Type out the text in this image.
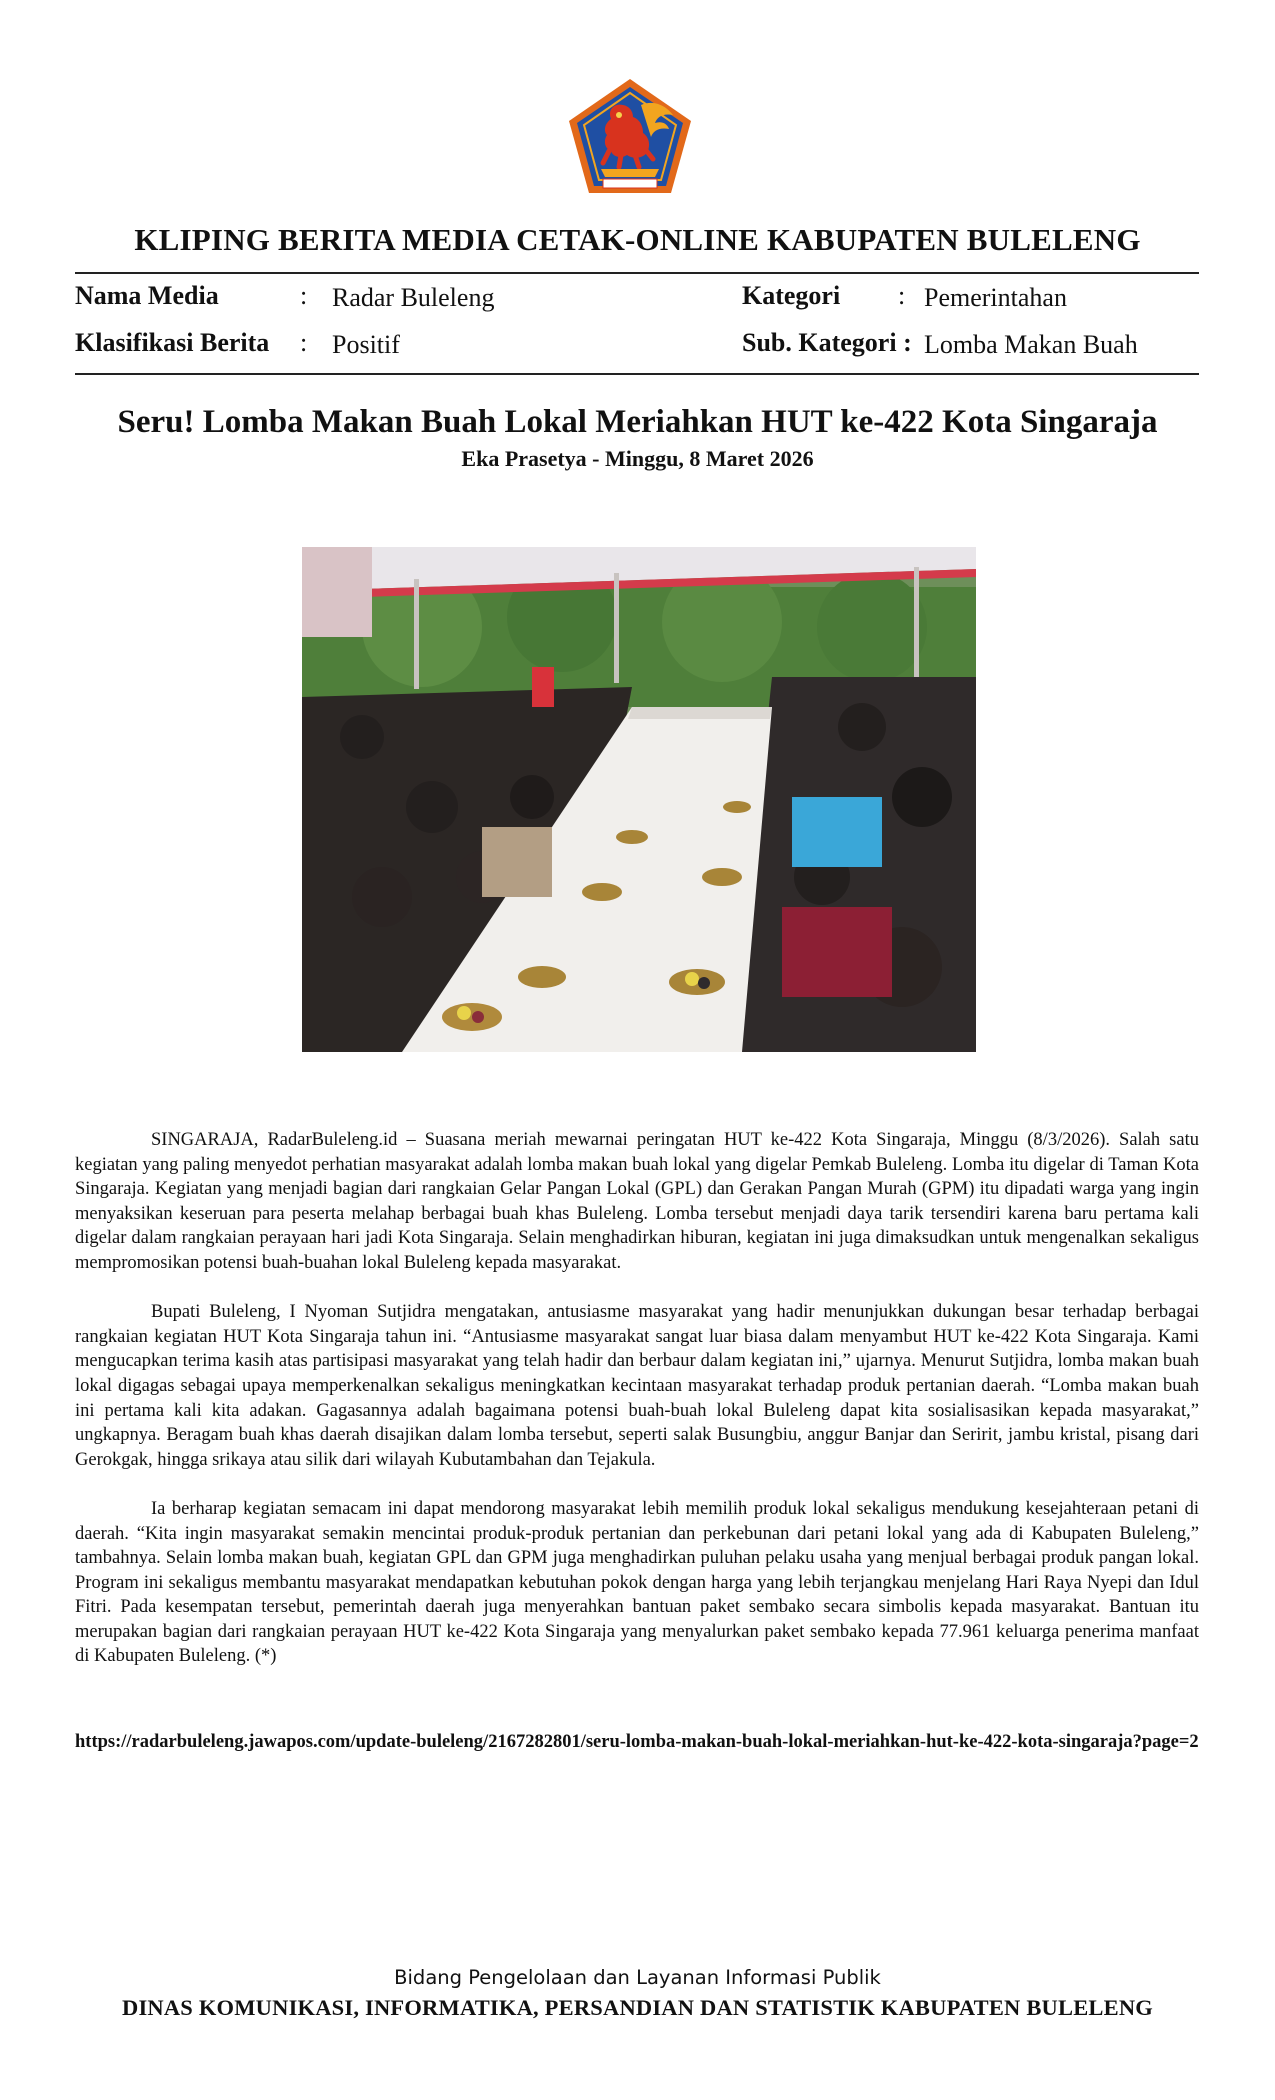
KLIPING BERITA MEDIA CETAK-ONLINE KABUPATEN BULELENG
Nama Media	: Radar Buleleng
Klasifikasi Berita : Positif
Kategori : Pemerintahan
Sub. Kategori : Lomba Makan Buah
Seru! Lomba Makan Buah Lokal Meriahkan HUT ke-422 Kota Singaraja
Eka Prasetya - Minggu, 8 Maret 2026

SINGARAJA, RadarBuleleng.id – Suasana meriah mewarnai peringatan HUT ke-422 Kota Singaraja, Minggu (8/3/2026). Salah satu kegiatan yang paling menyedot perhatian masyarakat adalah lomba makan buah lokal yang digelar Pemkab Buleleng. Lomba itu digelar di Taman Kota Singaraja. Kegiatan yang menjadi bagian dari rangkaian Gelar Pangan Lokal (GPL) dan Gerakan Pangan Murah (GPM) itu dipadati warga yang ingin menyaksikan keseruan para peserta melahap berbagai buah khas Buleleng. Lomba tersebut menjadi daya tarik tersendiri karena baru pertama kali digelar dalam rangkaian perayaan hari jadi Kota Singaraja. Selain menghadirkan hiburan, kegiatan ini juga dimaksudkan untuk mengenalkan sekaligus mempromosikan potensi buah-buahan lokal Buleleng kepada masyarakat.

Bupati Buleleng, I Nyoman Sutjidra mengatakan, antusiasme masyarakat yang hadir menunjukkan dukungan besar terhadap berbagai rangkaian kegiatan HUT Kota Singaraja tahun ini. “Antusiasme masyarakat sangat luar biasa dalam menyambut HUT ke-422 Kota Singaraja. Kami mengucapkan terima kasih atas partisipasi masyarakat yang telah hadir dan berbaur dalam kegiatan ini,” ujarnya. Menurut Sutjidra, lomba makan buah lokal digagas sebagai upaya memperkenalkan sekaligus meningkatkan kecintaan masyarakat terhadap produk pertanian daerah. “Lomba makan buah ini pertama kali kita adakan. Gagasannya adalah bagaimana potensi buah-buah lokal Buleleng dapat kita sosialisasikan kepada masyarakat,” ungkapnya. Beragam buah khas daerah disajikan dalam lomba tersebut, seperti salak Busungbiu, anggur Banjar dan Seririt, jambu kristal, pisang dari Gerokgak, hingga srikaya atau silik dari wilayah Kubutambahan dan Tejakula.

Ia berharap kegiatan semacam ini dapat mendorong masyarakat lebih memilih produk lokal sekaligus mendukung kesejahteraan petani di daerah. “Kita ingin masyarakat semakin mencintai produk-produk pertanian dan perkebunan dari petani lokal yang ada di Kabupaten Buleleng,” tambahnya. Selain lomba makan buah, kegiatan GPL dan GPM juga menghadirkan puluhan pelaku usaha yang menjual berbagai produk pangan lokal. Program ini sekaligus membantu masyarakat mendapatkan kebutuhan pokok dengan harga yang lebih terjangkau menjelang Hari Raya Nyepi dan Idul Fitri. Pada kesempatan tersebut, pemerintah daerah juga menyerahkan bantuan paket sembako secara simbolis kepada masyarakat. Bantuan itu merupakan bagian dari rangkaian perayaan HUT ke-422 Kota Singaraja yang menyalurkan paket sembako kepada 77.961 keluarga penerima manfaat di Kabupaten Buleleng. (*)

https://radarbuleleng.jawapos.com/update-buleleng/2167282801/seru-lomba-makan-buah-lokal-meriahkan-hut-ke-422-kota-singaraja?page=2
Bidang Pengelolaan dan Layanan Informasi Publik
DINAS KOMUNIKASI, INFORMATIKA, PERSANDIAN DAN STATISTIK KABUPATEN BULELENG
